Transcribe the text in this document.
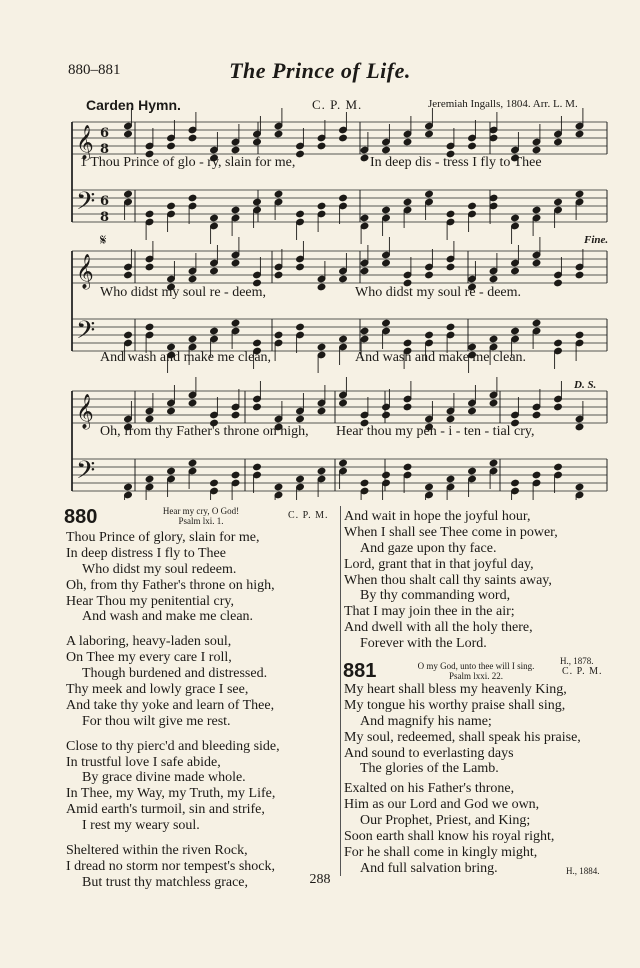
880–881	The Prince of Life.
Carden Hymn.	C. P. M.	Jeremiah Ingalls, 1804. Arr. L. M.
𝄞 6
8
𝄢 6
8
𝄞
𝄢
𝄞
𝄢
1 Thou Prince of glo - ry, slain for me,	In deep dis - tress I fly to Thee
Who didst my soul re - deem,	Who didst my soul re - deem.
And wash and make me clean,	And wash and make me clean.
Oh, from thy Father's throne on high, Hear thou my pen - i - ten - tial cry,
𝄋	Fine.
D. S.
880	Hear my cry, O God!
Psalm lxi. 1.	C. P. M.
Thou Prince of glory, slain for me,
In deep distress I fly to Thee
Who didst my soul redeem.
Oh, from thy Father's throne on high,
Hear Thou my penitential cry,
And wash and make me clean.
A laboring, heavy-laden soul,
On Thee my every care I roll,
Though burdened and distressed.
Thy meek and lowly grace I see,
And take thy yoke and learn of Thee,
For thou wilt give me rest.
Close to thy pierc'd and bleeding side,
In trustful love I safe abide,
By grace divine made whole.
In Thee, my Way, my Truth, my Life,
Amid earth's turmoil, sin and strife,
I rest my weary soul.
Sheltered within the riven Rock,
I dread no storm nor tempest's shock,
But trust thy matchless grace,
And wait in hope the joyful hour,
When I shall see Thee come in power,
And gaze upon thy face.
Lord, grant that in that joyful day,
When thou shalt call thy saints away,
By thy commanding word,
That I may join thee in the air;
And dwell with all the holy there,
Forever with the Lord.
H., 1878.
881	O my God, unto thee will I sing.
Psalm lxxi. 22.	C. P. M.
My heart shall bless my heavenly King,
My tongue his worthy praise shall sing,
And magnify his name;
My soul, redeemed, shall speak his praise,
And sound to everlasting days
The glories of the Lamb.
Exalted on his Father's throne,
Him as our Lord and God we own,
Our Prophet, Priest, and King;
Soon earth shall know his royal right,
For he shall come in kingly might,
And full salvation bring.	H., 1884.
288
